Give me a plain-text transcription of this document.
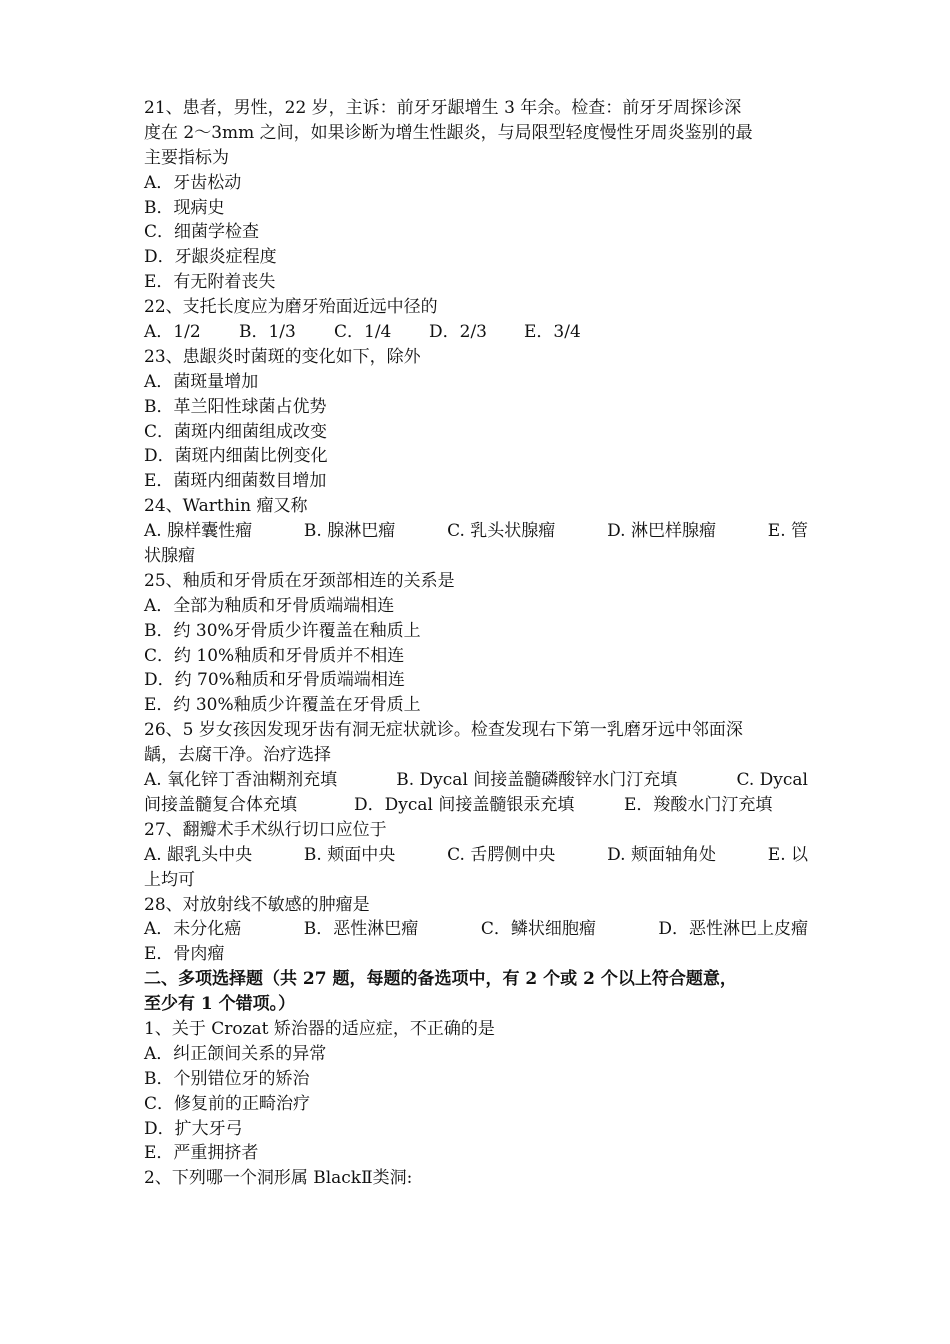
21、患者，男性，22 岁，主诉：前牙牙龈增生 3 年余。检查：前牙牙周探诊深
度在 2～3mm 之间，如果诊断为增生性龈炎，与局限型轻度慢性牙周炎鉴别的最
主要指标为
A．牙齿松动
B．现病史
C．细菌学检查
D．牙龈炎症程度
E．有无附着丧失
22、支托长度应为磨牙殆面近远中径的
A．1/2 B．1/3 C．1/4 D．2/3 E．3/4
23、患龈炎时菌斑的变化如下，除外
A．菌斑量增加
B．革兰阳性球菌占优势
C．菌斑内细菌组成改变
D．菌斑内细菌比例变化
E．菌斑内细菌数目增加
24、Warthin 瘤又称
A. 腺样囊性瘤	B. 腺淋巴瘤	C. 乳头状腺瘤	D. 淋巴样腺瘤	E. 管
状腺瘤
25、釉质和牙骨质在牙颈部相连的关系是
A．全部为釉质和牙骨质端端相连
B．约 30%牙骨质少许覆盖在釉质上
C．约 10%釉质和牙骨质并不相连
D．约 70%釉质和牙骨质端端相连
E．约 30%釉质少许覆盖在牙骨质上
26、5 岁女孩因发现牙齿有洞无症状就诊。检查发现右下第一乳磨牙远中邻面深
龋，去腐干净。治疗选择
A. 氧化锌丁香油糊剂充填	B. Dycal 间接盖髓磷酸锌水门汀充填	C. Dycal
间接盖髓复合体充填	D．Dycal 间接盖髓银汞充填	E．羧酸水门汀充填
27、翻瓣术手术纵行切口应位于
A. 龈乳头中央	B. 颊面中央	C. 舌腭侧中央	D. 颊面轴角处	E. 以
上均可
28、对放射线不敏感的肿瘤是
A．未分化癌	B．恶性淋巴瘤	C．鳞状细胞瘤	D．恶性淋巴上皮瘤
E．骨肉瘤
二、多项选择题（共 27 题，每题的备选项中，有 2 个或 2 个以上符合题意，
至少有 1 个错项。）
1、关于 Crozat 矫治器的适应症，不正确的是
A．纠正颌间关系的异常
B．个别错位牙的矫治
C．修复前的正畸治疗
D．扩大牙弓
E．严重拥挤者
2、下列哪一个洞形属 BlackⅡ类洞:
